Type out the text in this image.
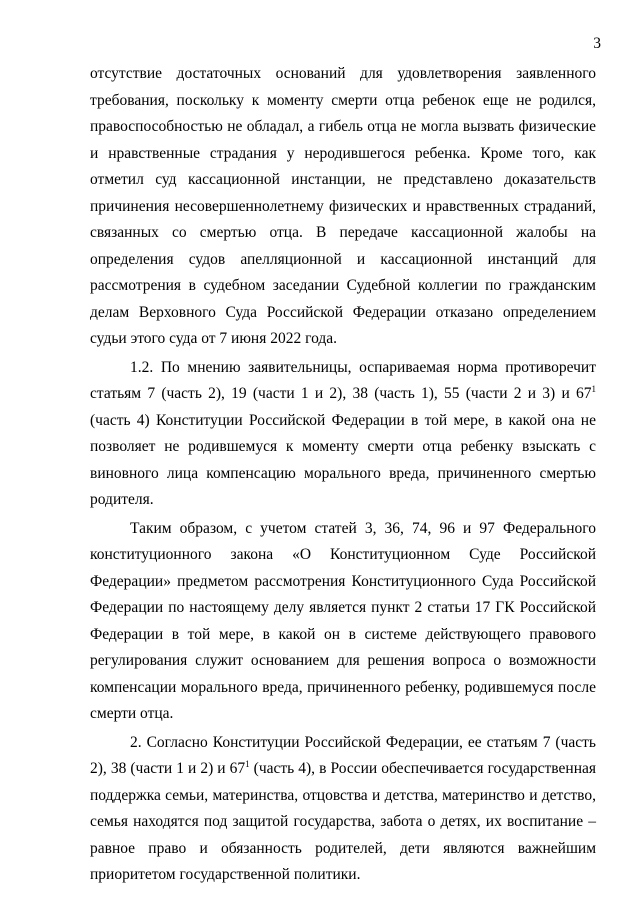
3

отсутствие достаточных оснований для удовлетворения заявленного требования, поскольку к моменту смерти отца ребенок еще не родился, правоспособностью не обладал, а гибель отца не могла вызвать физические и нравственные страдания у неродившегося ребенка. Кроме того, как отметил суд кассационной инстанции, не представлено доказательств причинения несовершеннолетнему физических и нравственных страданий, связанных со смертью отца. В передаче кассационной жалобы на определения судов апелляционной и кассационной инстанций для рассмотрения в судебном заседании Судебной коллегии по гражданским делам Верховного Суда Российской Федерации отказано определением судьи этого суда от 7 июня 2022 года.

1.2. По мнению заявительницы, оспариваемая норма противоречит статьям 7 (часть 2), 19 (части 1 и 2), 38 (часть 1), 55 (части 2 и 3) и $67^1$ (часть 4) Конституции Российской Федерации в той мере, в какой она не позволяет не родившемуся к моменту смерти отца ребенку взыскать с виновного лица компенсацию морального вреда, причиненного смертью родителя.

Таким образом, с учетом статей 3, 36, 74, 96 и 97 Федерального конституционного закона «О Конституционном Суде Российской Федерации» предметом рассмотрения Конституционного Суда Российской Федерации по настоящему делу является пункт 2 статьи 17 ГК Российской Федерации в той мере, в какой он в системе действующего правового регулирования служит основанием для решения вопроса о возможности компенсации морального вреда, причиненного ребенку, родившемуся после смерти отца.

2. Согласно Конституции Российской Федерации, ее статьям 7 (часть 2), 38 (части 1 и 2) и $67^1$ (часть 4), в России обеспечивается государственная поддержка семьи, материнства, отцовства и детства, материнство и детство, семья находятся под защитой государства, забота о детях, их воспитание – равное право и обязанность родителей, дети являются важнейшим приоритетом государственной политики.
